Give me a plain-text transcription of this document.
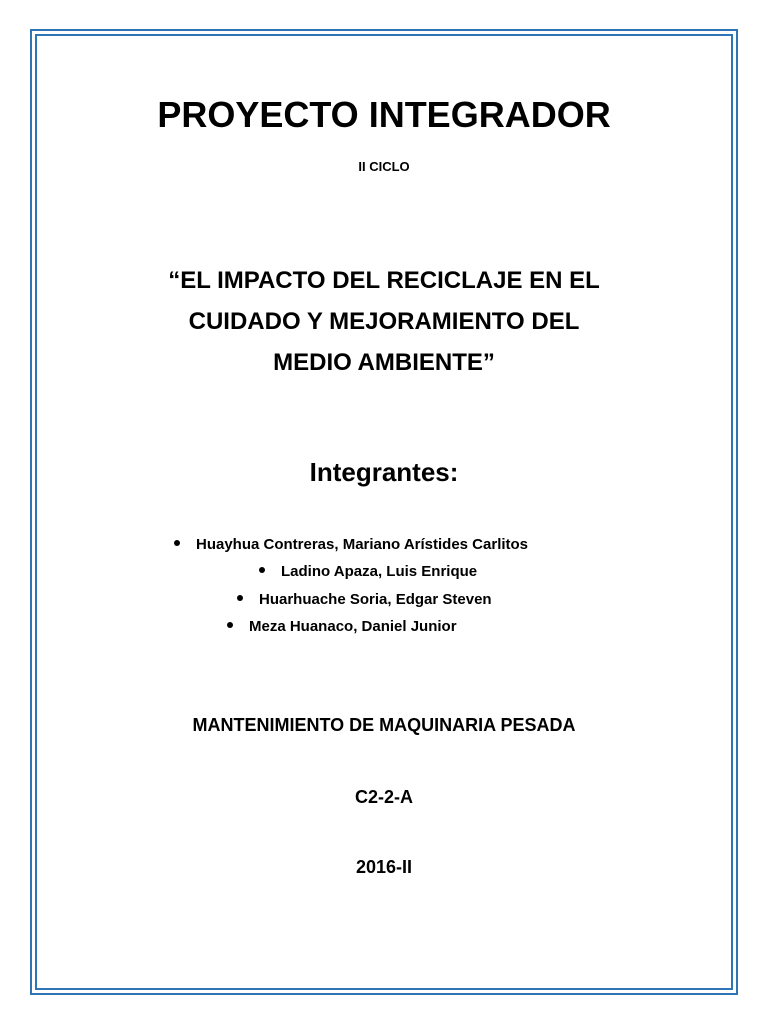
PROYECTO INTEGRADOR
II CICLO
“EL IMPACTO DEL RECICLAJE EN EL
CUIDADO Y MEJORAMIENTO DEL
MEDIO AMBIENTE”
Integrantes:
Huayhua Contreras, Mariano Arístides Carlitos
Ladino Apaza, Luis Enrique
Huarhuache Soria, Edgar Steven
Meza Huanaco, Daniel Junior
MANTENIMIENTO DE MAQUINARIA PESADA
C2-2-A
2016-II
